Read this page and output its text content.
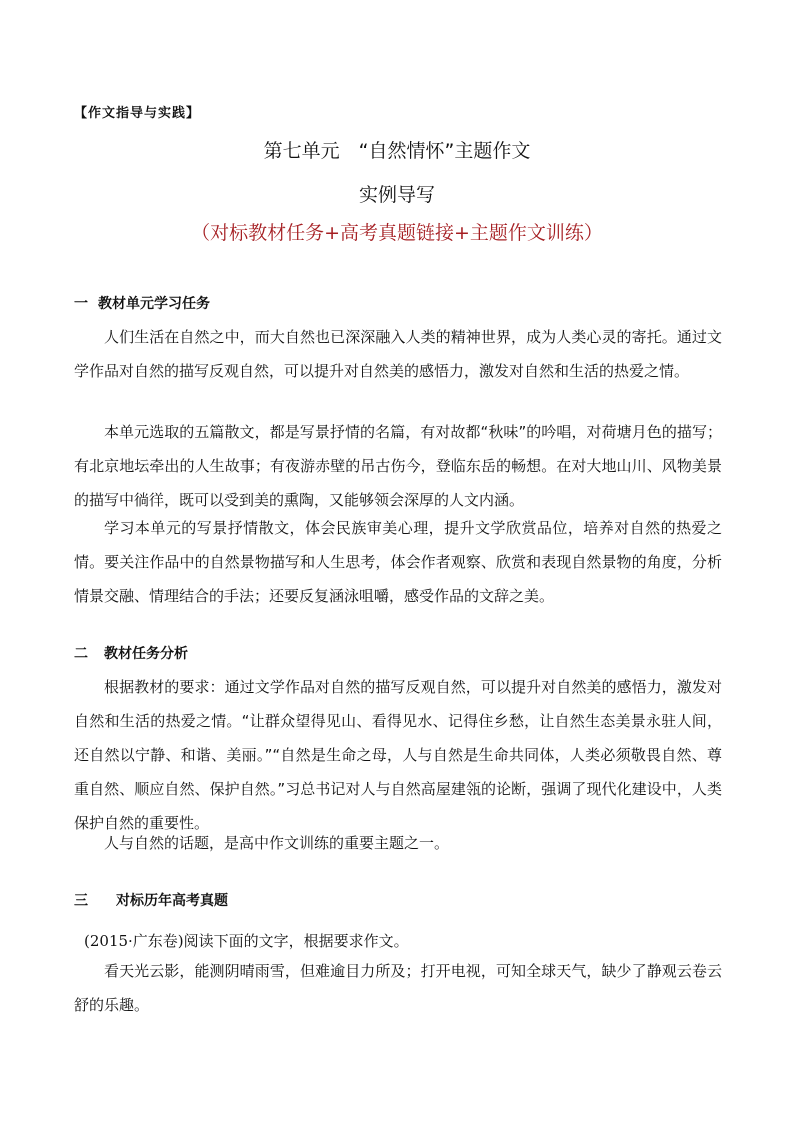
【作文指导与实践】
第七单元　“自然情怀”主题作文
实例导写
（对标教材任务+高考真题链接+主题作文训练）
一 教材单元学习任务

人们生活在自然之中，而大自然也已深深融入人类的精神世界，成为人类心灵的寄托。通过文学作品对自然的描写反观自然，可以提升对自然美的感悟力，激发对自然和生活的热爱之情。

本单元选取的五篇散文，都是写景抒情的名篇，有对故都“秋味”的吟唱，对荷塘月色的描写；有北京地坛牵出的人生故事；有夜游赤壁的吊古伤今，登临东岳的畅想。在对大地山川、风物美景的描写中徜徉，既可以受到美的熏陶，又能够领会深厚的人文内涵。

学习本单元的写景抒情散文，体会民族审美心理，提升文学欣赏品位，培养对自然的热爱之情。要关注作品中的自然景物描写和人生思考，体会作者观察、欣赏和表现自然景物的角度，分析情景交融、情理结合的手法；还要反复涵泳咀嚼，感受作品的文辞之美。

二 教材任务分析

根据教材的要求：通过文学作品对自然的描写反观自然，可以提升对自然美的感悟力，激发对自然和生活的热爱之情。“让群众望得见山、看得见水、记得住乡愁，让自然生态美景永驻人间，还自然以宁静、和谐、美丽。”“自然是生命之母，人与自然是生命共同体，人类必须敬畏自然、尊重自然、顺应自然、保护自然。”习总书记对人与自然高屋建瓴的论断，强调了现代化建设中，人类保护自然的重要性。

人与自然的话题，是高中作文训练的重要主题之一。

三 对标历年高考真题

(2015·广东卷)阅读下面的文字，根据要求作文。

看天光云影，能测阴晴雨雪，但难逾目力所及；打开电视，可知全球天气，缺少了静观云卷云舒的乐趣。
